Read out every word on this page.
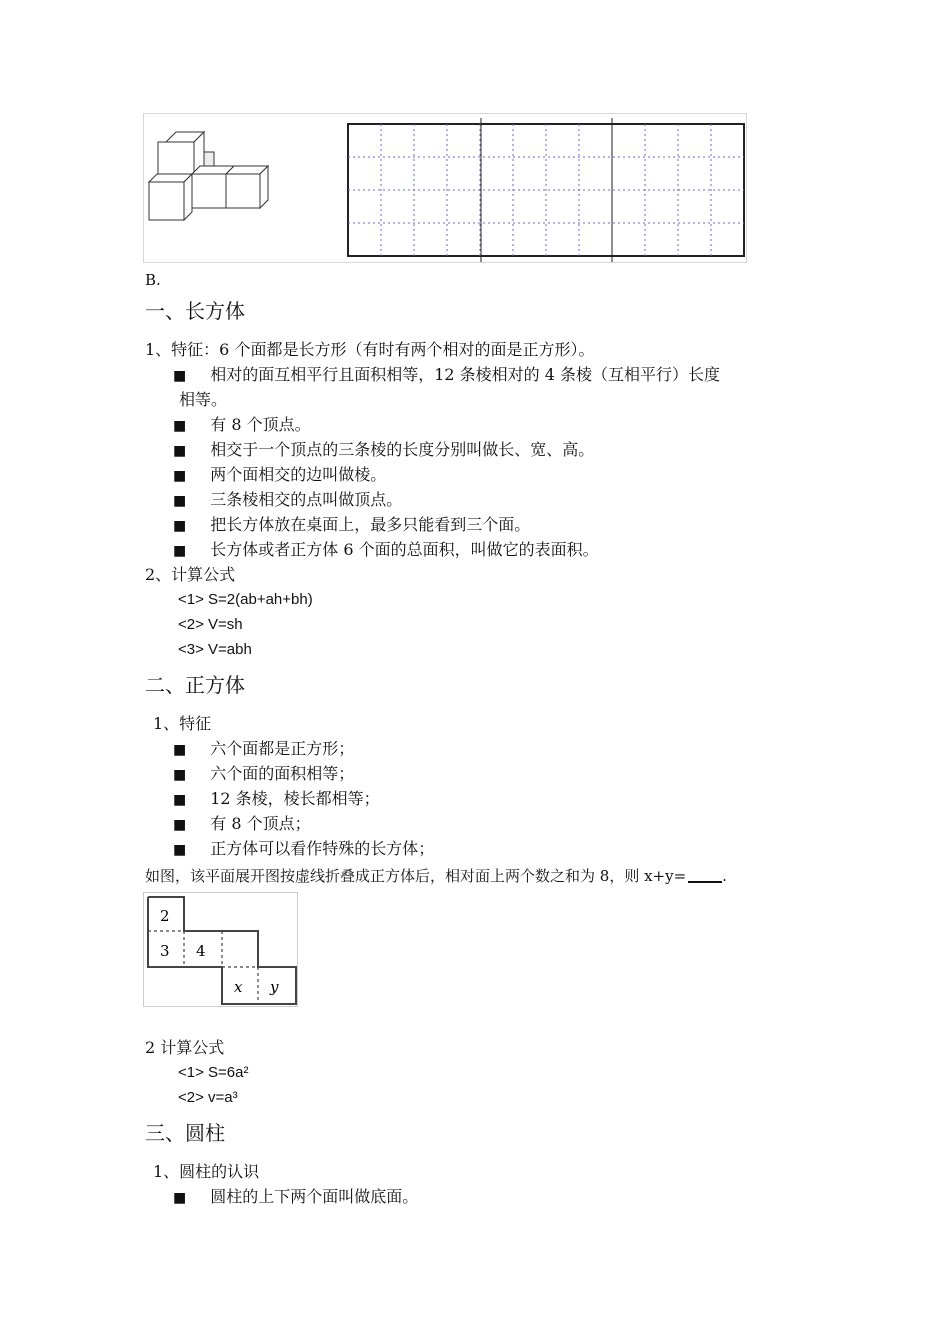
B.
一、长方体
1、特征：6 个面都是长方形（有时有两个相对的面是正方形）。
■ 相对的面互相平行且面积相等，12 条棱相对的 4 条棱（互相平行）长度
相等。
■ 有 8 个顶点。
■ 相交于一个顶点的三条棱的长度分别叫做长、宽、高。
■ 两个面相交的边叫做棱。
■ 三条棱相交的点叫做顶点。
■ 把长方体放在桌面上，最多只能看到三个面。
■ 长方体或者正方体 6 个面的总面积，叫做它的表面积。
2、计算公式
<1> S=2(ab+ah+bh)
<2> V=sh
<3> V=abh
二、正方体
1、特征
■ 六个面都是正方形；
■ 六个面的面积相等；
■ 12 条棱，棱长都相等；
■ 有 8 个顶点；
■ 正方体可以看作特殊的长方体；
如图，该平面展开图按虚线折叠成正方体后，相对面上两个数之和为 8，则 x+y= .
2
3 4
x y
2 计算公式
<1> S=6a²
<2> v=a³
三、圆柱
1、圆柱的认识
■ 圆柱的上下两个面叫做底面。
